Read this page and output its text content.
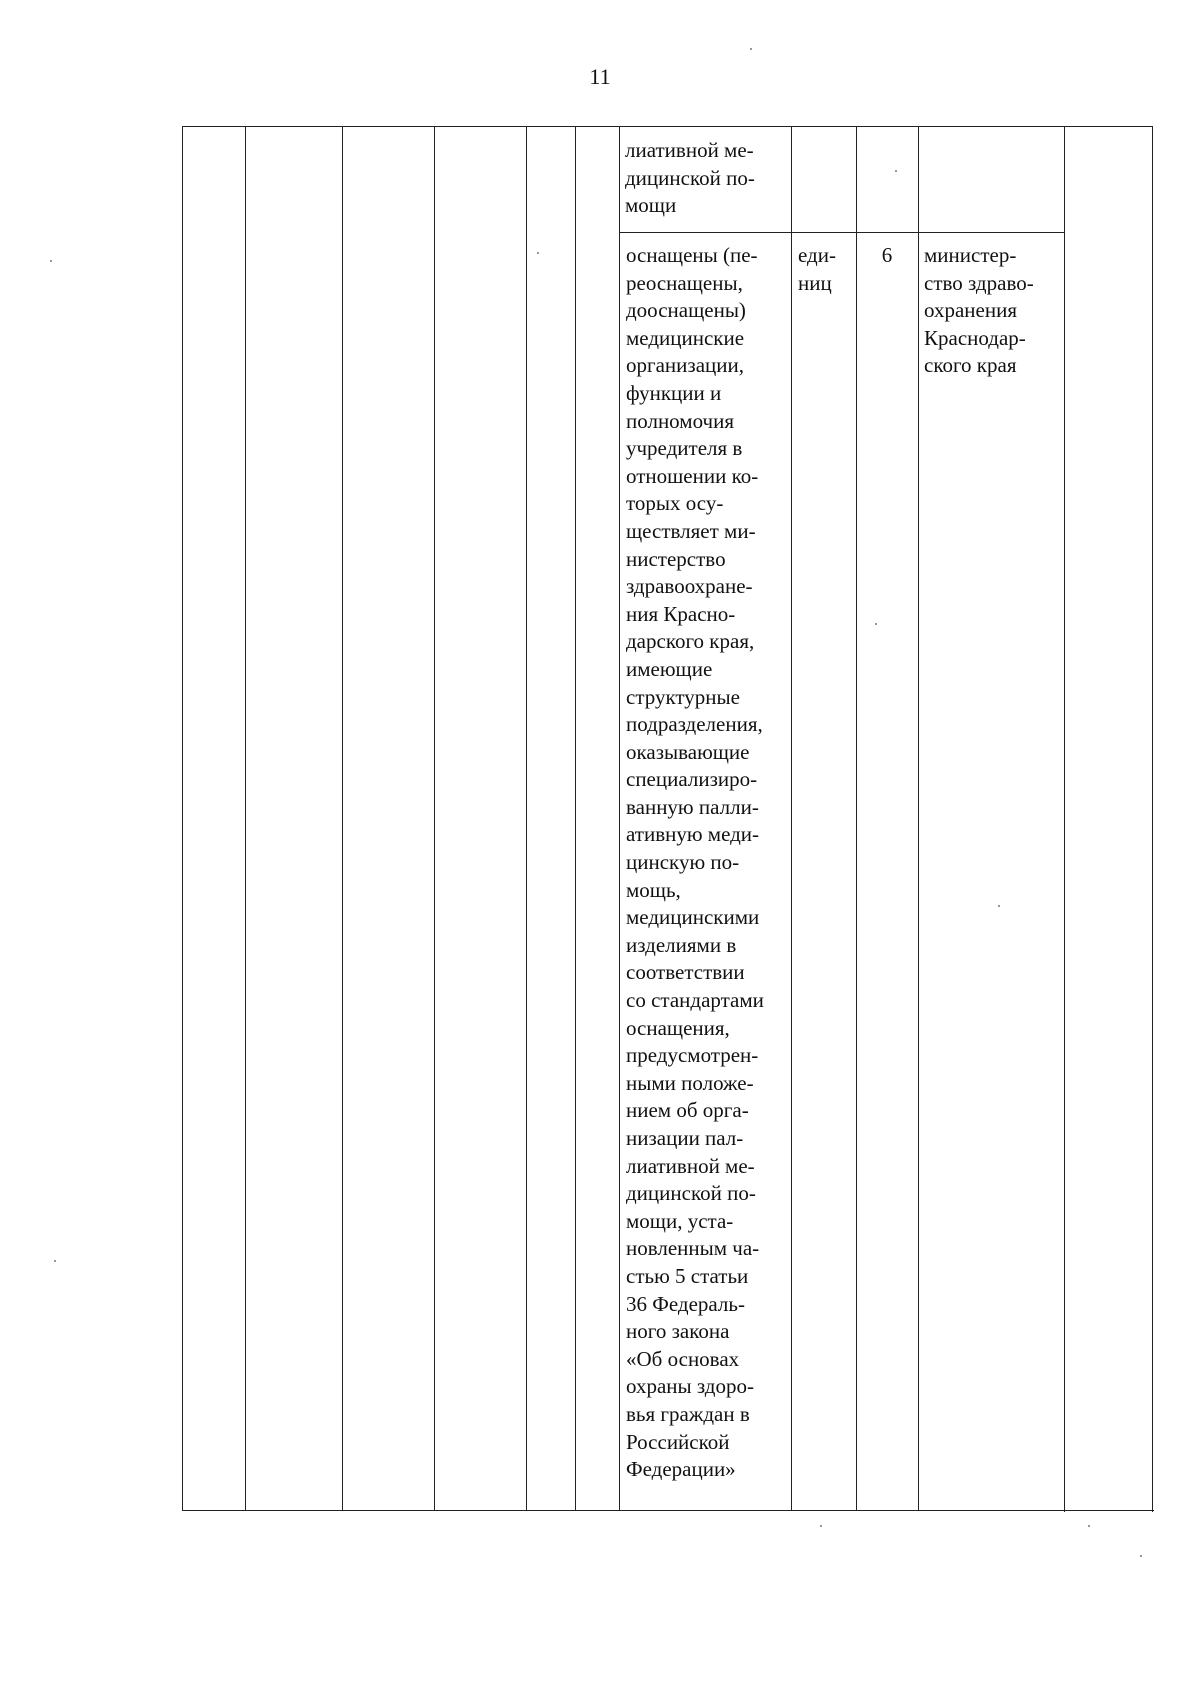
11
лиативной ме-
дицинской по-
мощи
оснащены (пе-
реоснащены,
дооснащены)
медицинские
организации,
функции и
полномочия
учредителя в
отношении ко-
торых осу-
ществляет ми-
нистерство
здравоохране-
ния Красно-
дарского края,
имеющие
структурные
подразделения,
оказывающие
специализиро-
ванную палли-
ативную меди-
цинскую по-
мощь,
медицинскими
изделиями в
соответствии
со стандартами
оснащения,
предусмотрен-
ными положе-
нием об орга-
низации пал-
лиативной ме-
дицинской по-
мощи, уста-
новленным ча-
стью 5 статьи
36 Федераль-
ного закона
«Об основах
охраны здоро-
вья граждан в
Российской
Федерации»
еди-
ниц
6	министер-
ство здраво-
охранения
Краснодар-
ского края
